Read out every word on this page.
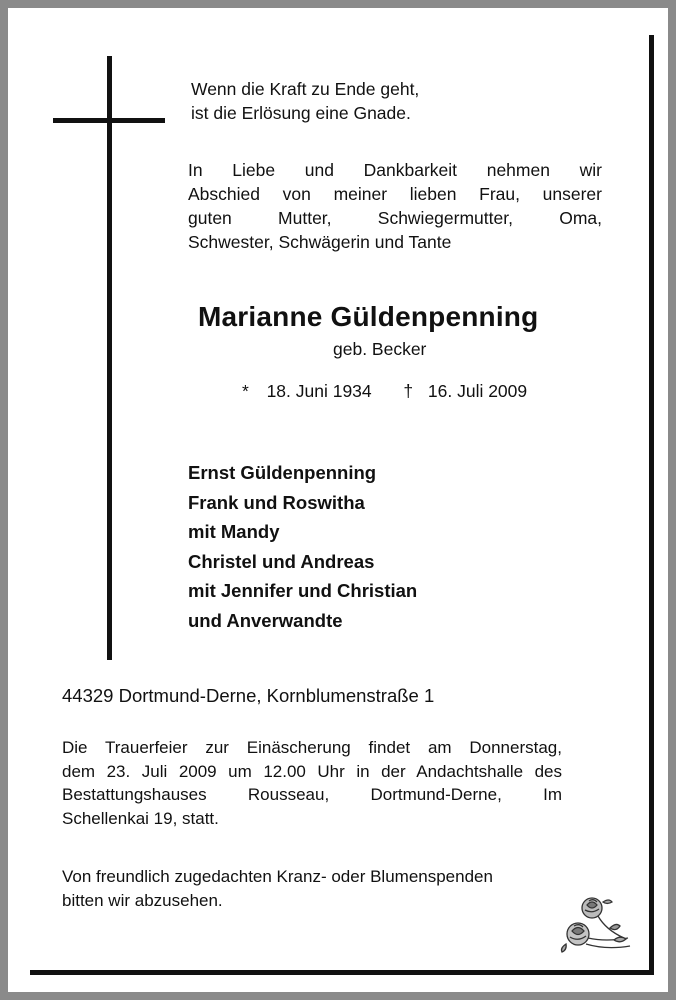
Wenn die Kraft zu Ende geht,
ist die Erlösung eine Gnade.
In Liebe und Dankbarkeit nehmen wir
Abschied von meiner lieben Frau, unserer
guten Mutter, Schwiegermutter, Oma,
Schwester, Schwägerin und Tante
Marianne Güldenpenning
geb. Becker
* 18. Juni 1934 † 16. Juli 2009
Ernst Güldenpenning
Frank und Roswitha
mit Mandy
Christel und Andreas
mit Jennifer und Christian
und Anverwandte
44329 Dortmund-Derne, Kornblumenstraße 1
Die Trauerfeier zur Einäscherung findet am Donnerstag,
dem 23. Juli 2009 um 12.00 Uhr in der Andachtshalle des
Bestattungshauses Rousseau, Dortmund-Derne, Im
Schellenkai 19, statt.
Von freundlich zugedachten Kranz- oder Blumenspenden
bitten wir abzusehen.
